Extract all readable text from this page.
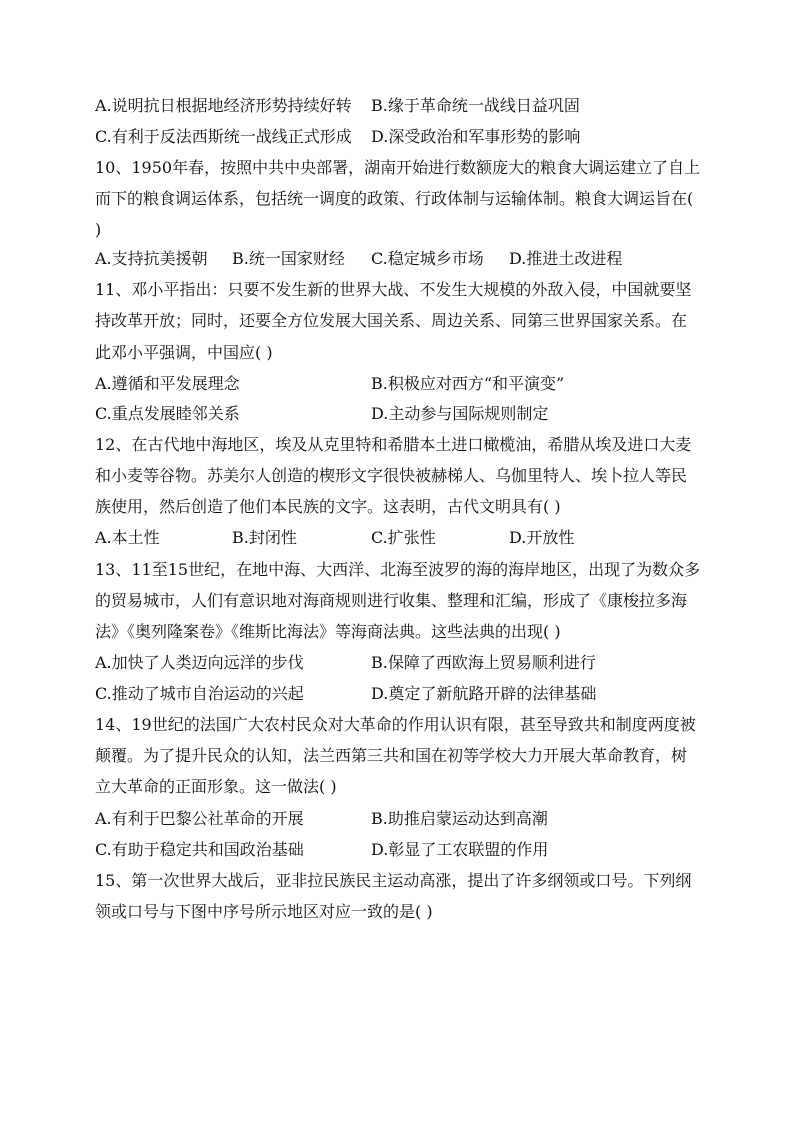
A.说明抗日根据地经济形势持续好转 B.缘于革命统一战线日益巩固
C.有利于反法西斯统一战线正式形成 D.深受政治和军事形势的影响
10、1950年春，按照中共中央部署，湖南开始进行数额庞大的粮食大调运建立了自上
而下的粮食调运体系，包括统一调度的政策、行政体制与运输体制。粮食大调运旨在(
)
A.支持抗美援朝 B.统一国家财经 C.稳定城乡市场 D.推进土改进程
11、邓小平指出：只要不发生新的世界大战、不发生大规模的外敌入侵，中国就要坚
持改革开放；同时，还要全方位发展大国关系、周边关系、同第三世界国家关系。在
此邓小平强调，中国应( )
A.遵循和平发展理念	B.积极应对西方“和平演变”
C.重点发展睦邻关系	D.主动参与国际规则制定
12、在古代地中海地区，埃及从克里特和希腊本土进口橄榄油，希腊从埃及进口大麦
和小麦等谷物。苏美尔人创造的楔形文字很快被赫梯人、乌伽里特人、埃卜拉人等民
族使用，然后创造了他们本民族的文字。这表明，古代文明具有( )
A.本土性	B.封闭性	C.扩张性	D.开放性
13、11至15世纪，在地中海、大西洋、北海至波罗的海的海岸地区，出现了为数众多
的贸易城市，人们有意识地对海商规则进行收集、整理和汇编，形成了《康梭拉多海
法》《奥列隆案卷》《维斯比海法》等海商法典。这些法典的出现( )
A.加快了人类迈向远洋的步伐	B.保障了西欧海上贸易顺利进行
C.推动了城市自治运动的兴起	D.奠定了新航路开辟的法律基础
14、19世纪的法国广大农村民众对大革命的作用认识有限，甚至导致共和制度两度被
颠覆。为了提升民众的认知，法兰西第三共和国在初等学校大力开展大革命教育，树
立大革命的正面形象。这一做法( )
A.有利于巴黎公社革命的开展	B.助推启蒙运动达到高潮
C.有助于稳定共和国政治基础	D.彰显了工农联盟的作用
15、第一次世界大战后，亚非拉民族民主运动高涨，提出了许多纲领或口号。下列纲
领或口号与下图中序号所示地区对应一致的是( )
